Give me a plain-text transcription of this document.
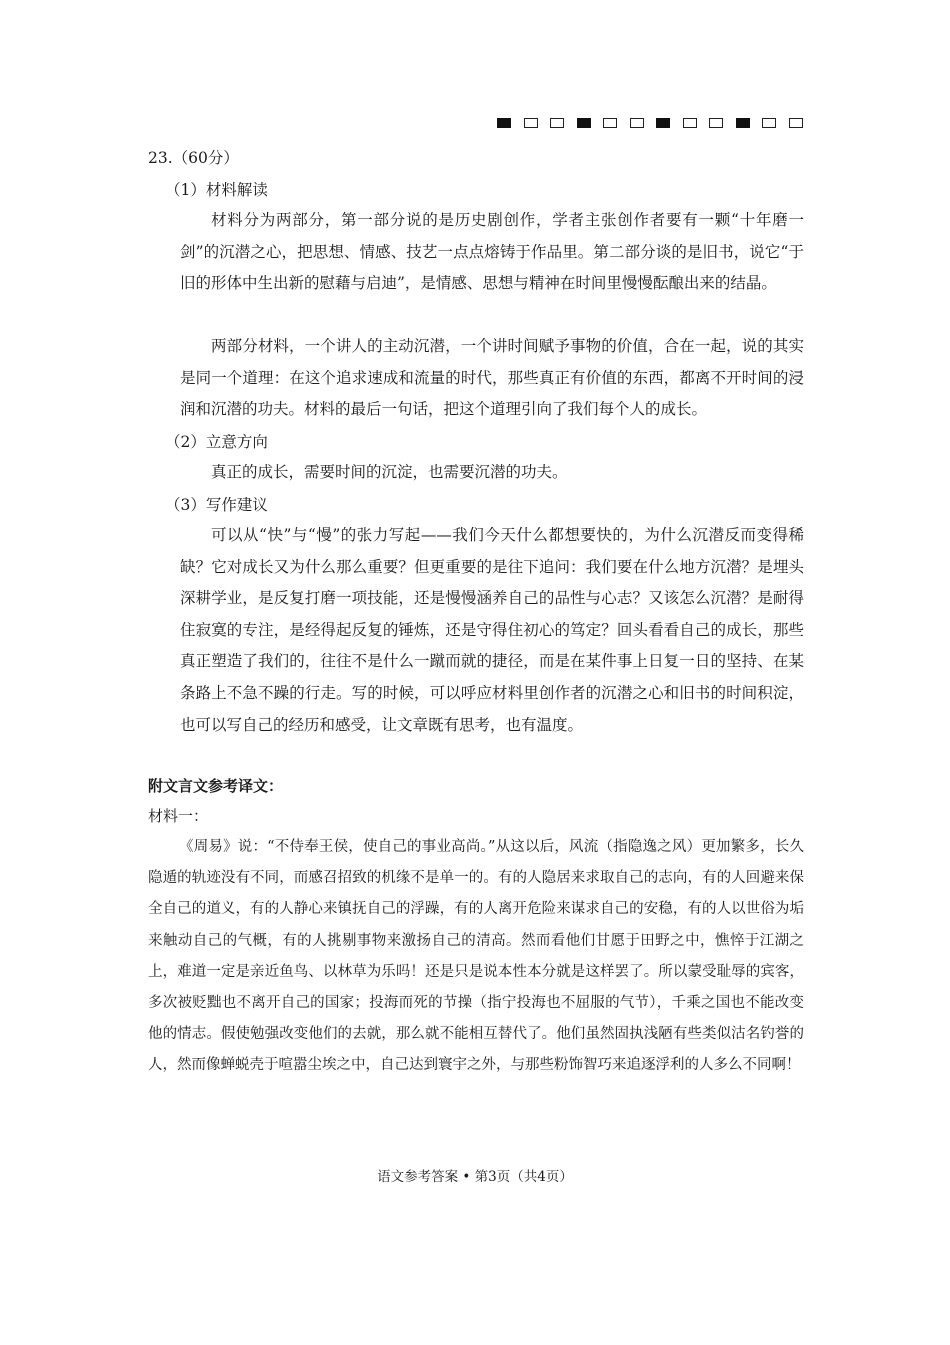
23.（60分）
（1）材料解读

材料分为两部分，第一部分说的是历史剧创作，学者主张创作者要有一颗“十年磨一剑”的沉潜之心，把思想、情感、技艺一点点熔铸于作品里。第二部分谈的是旧书，说它“于旧的形体中生出新的慰藉与启迪”，是情感、思想与精神在时间里慢慢酝酿出来的结晶。

两部分材料，一个讲人的主动沉潜，一个讲时间赋予事物的价值，合在一起，说的其实是同一个道理：在这个追求速成和流量的时代，那些真正有价值的东西，都离不开时间的浸润和沉潜的功夫。材料的最后一句话，把这个道理引向了我们每个人的成长。

（2）立意方向

真正的成长，需要时间的沉淀，也需要沉潜的功夫。

（3）写作建议

可以从“快”与“慢”的张力写起——我们今天什么都想要快的，为什么沉潜反而变得稀缺？它对成长又为什么那么重要？但更重要的是往下追问：我们要在什么地方沉潜？是埋头深耕学业，是反复打磨一项技能，还是慢慢涵养自己的品性与心志？又该怎么沉潜？是耐得住寂寞的专注，是经得起反复的锤炼，还是守得住初心的笃定？回头看看自己的成长，那些真正塑造了我们的，往往不是什么一蹴而就的捷径，而是在某件事上日复一日的坚持、在某条路上不急不躁的行走。写的时候，可以呼应材料里创作者的沉潜之心和旧书的时间积淀，也可以写自己的经历和感受，让文章既有思考，也有温度。

附文言文参考译文：
材料一：

《周易》说：“不侍奉王侯，使自己的事业高尚。”从这以后，风流（指隐逸之风）更加繁多，长久隐遁的轨迹没有不同，而感召招致的机缘不是单一的。有的人隐居来求取自己的志向，有的人回避来保全自己的道义，有的人静心来镇抚自己的浮躁，有的人离开危险来谋求自己的安稳，有的人以世俗为垢来触动自己的气概，有的人挑剔事物来激扬自己的清高。然而看他们甘愿于田野之中，憔悴于江湖之上，难道一定是亲近鱼鸟、以林草为乐吗！还是只是说本性本分就是这样罢了。所以蒙受耻辱的宾客，多次被贬黜也不离开自己的国家；投海而死的节操（指宁投海也不屈服的气节），千乘之国也不能改变他的情志。假使勉强改变他们的去就，那么就不能相互替代了。他们虽然固执浅陋有些类似沽名钓誉的人，然而像蝉蜕壳于喧嚣尘埃之中，自己达到寰宇之外，与那些粉饰智巧来追逐浮利的人多么不同啊！

语文参考答案 • 第3页（共4页）
